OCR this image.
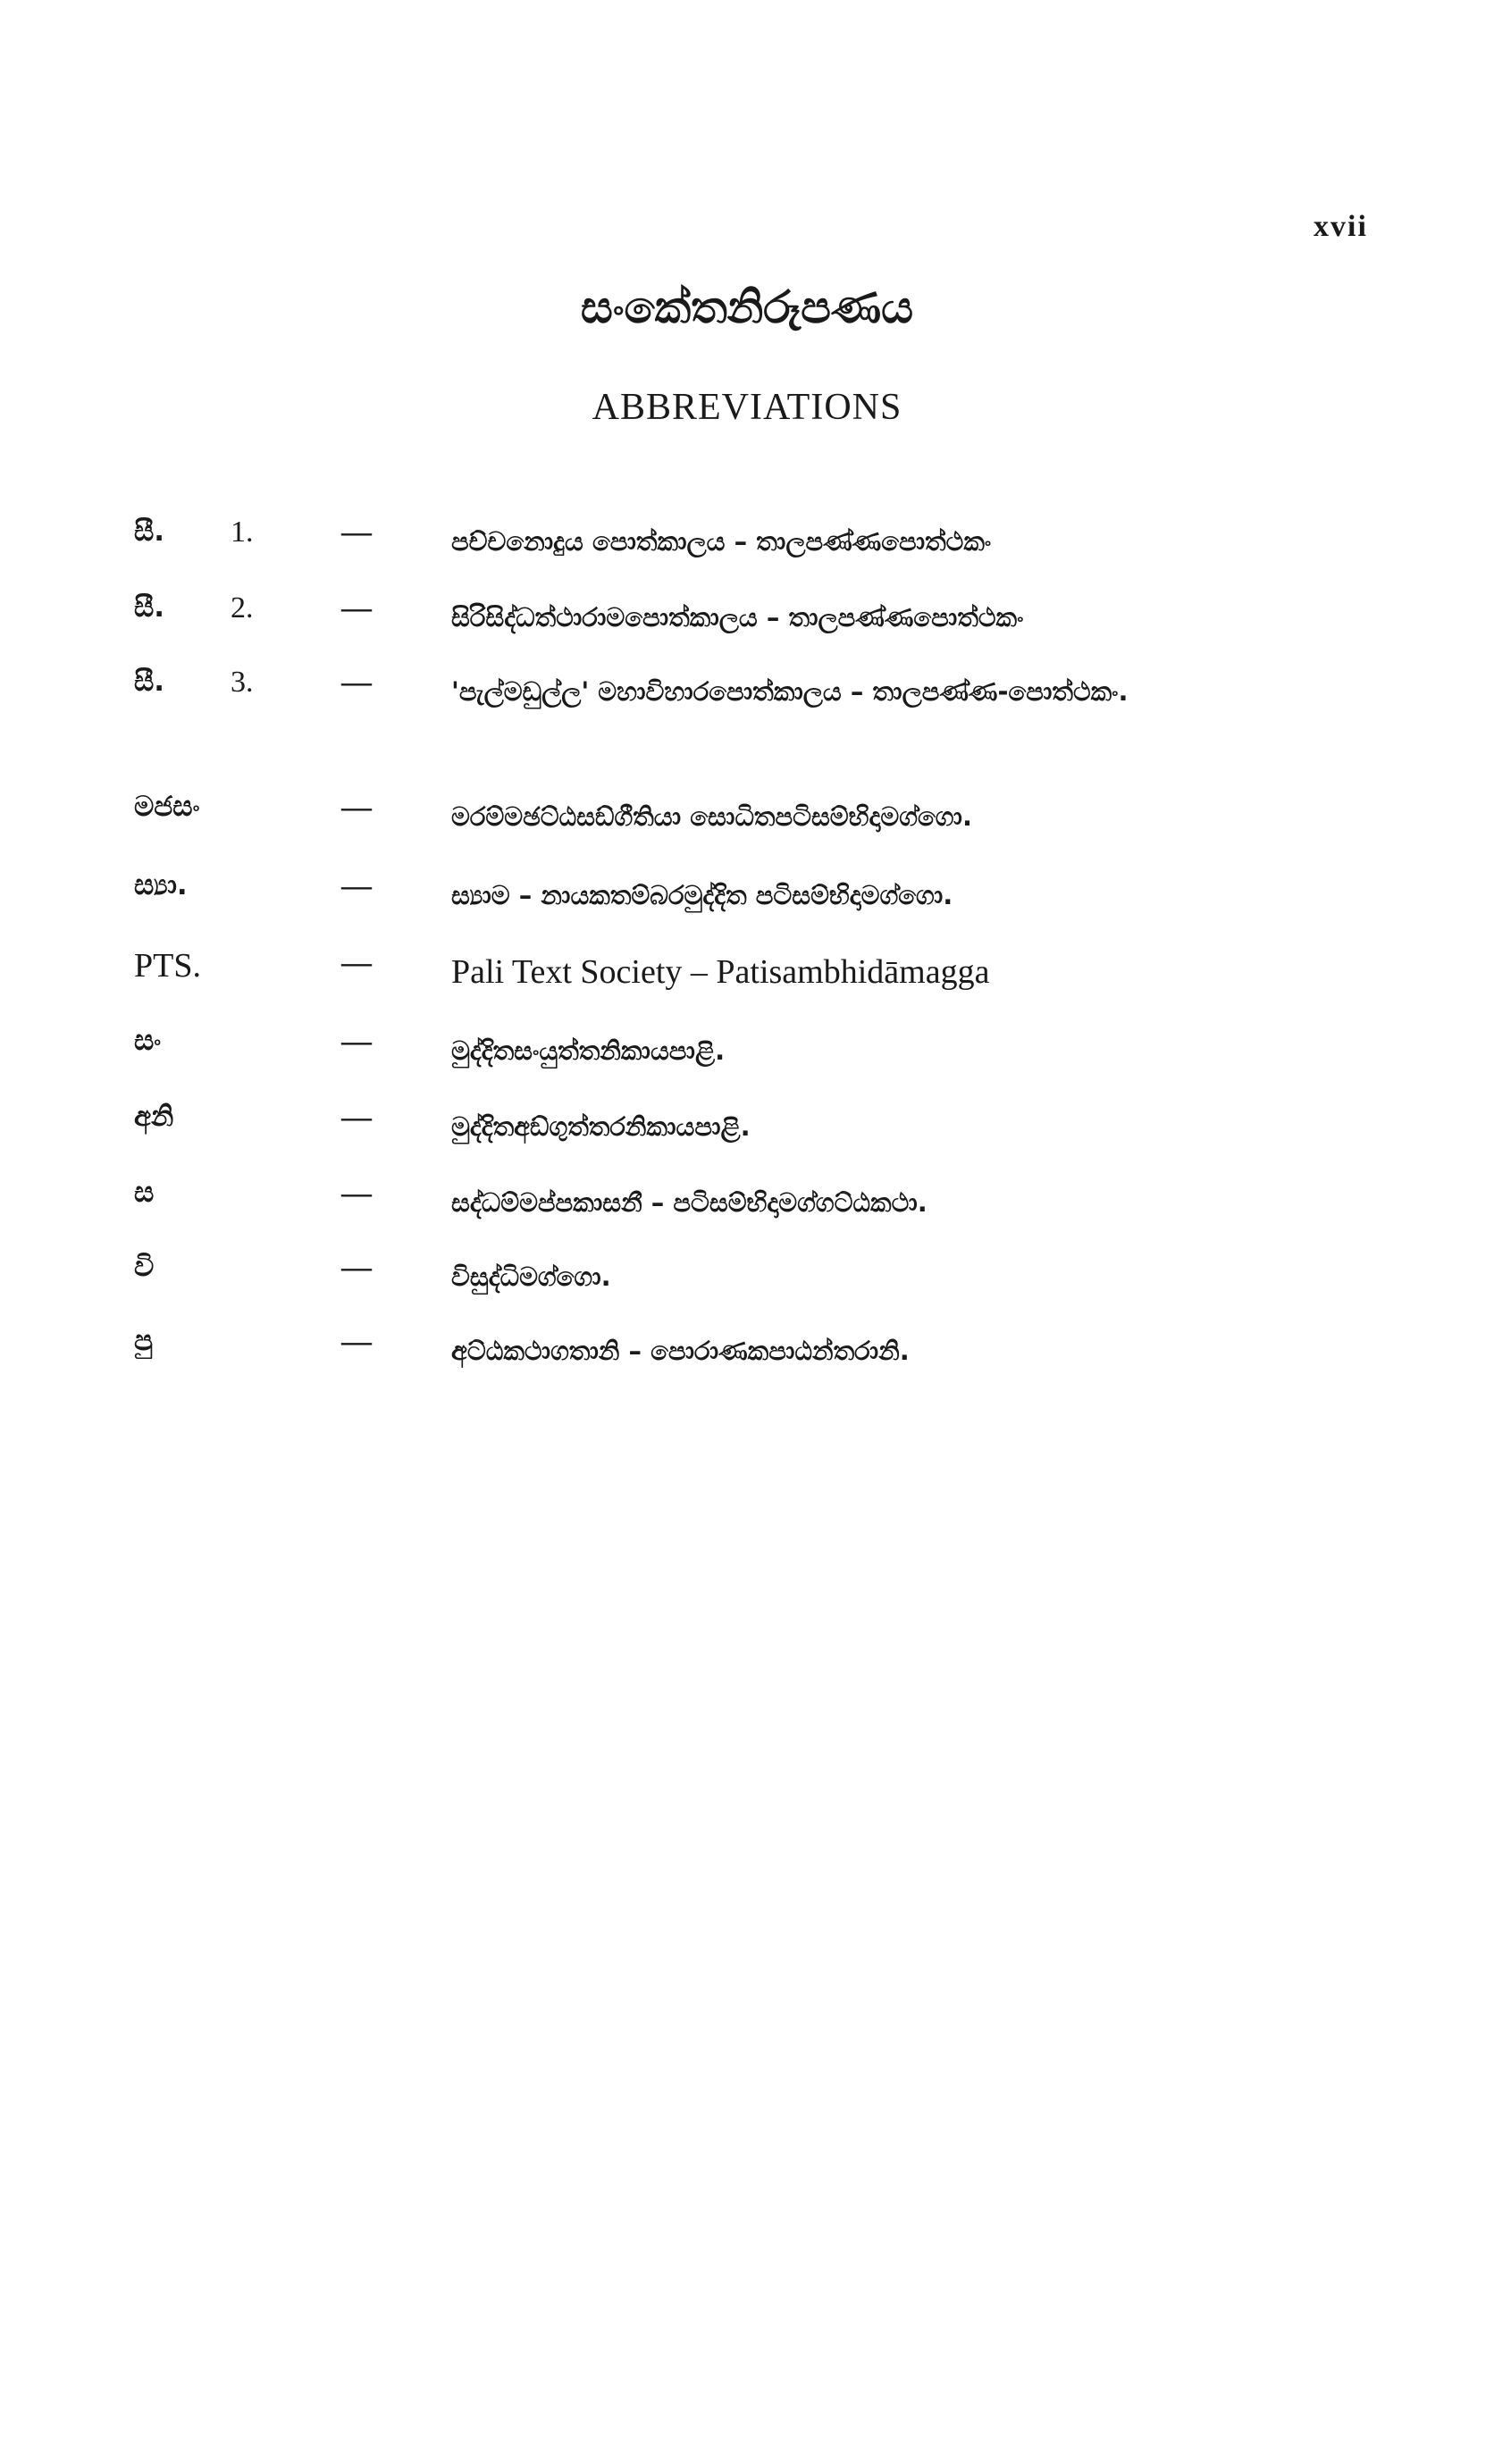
xvii
සංකේතනිරූපණය
ABBREVIATIONS
සී.	1.	—	පච්චනොදුය පොත්කාලය – තාලපණ්ණපොත්ථකං
සී.	2.	—	සිරිසිද්ධත්ථාරාමපොත්කාලය – තාලපණ්ණපොත්ථකං
සී.	3.	—	'පැල්මඩුල්ල' මහාවිහාරපොත්කාලය – තාලපණ්ණ-පොත්ථකං.
මජසං	—	මරම්මඡට්ඨසඞ්ගීතියා සොධිතපටිසම්භිදාමග්ගො.
ස්‍යා.	—	ස්‍යාම – නායකතම්බරමුද්දිත පටිසම්භිදාමග්ගො.
PTS.	— Pali Text Society – Patisambhidāmagga
සං	—	මුද්දිතසංයුත්තනිකායපාළි.
අනි	—	මුද්දිතඅඞ්ගුත්තරනිකායපාළි.
ස	—	සද්ධම්මප්පකාසනී – පටිසම්භිදාමග්ගට්ඨකථා.
වි	—	විසුද්ධිමග්ගො.
පු	—	අට්ඨකථාගතානි – පොරාණකපාඨන්තරානි.
